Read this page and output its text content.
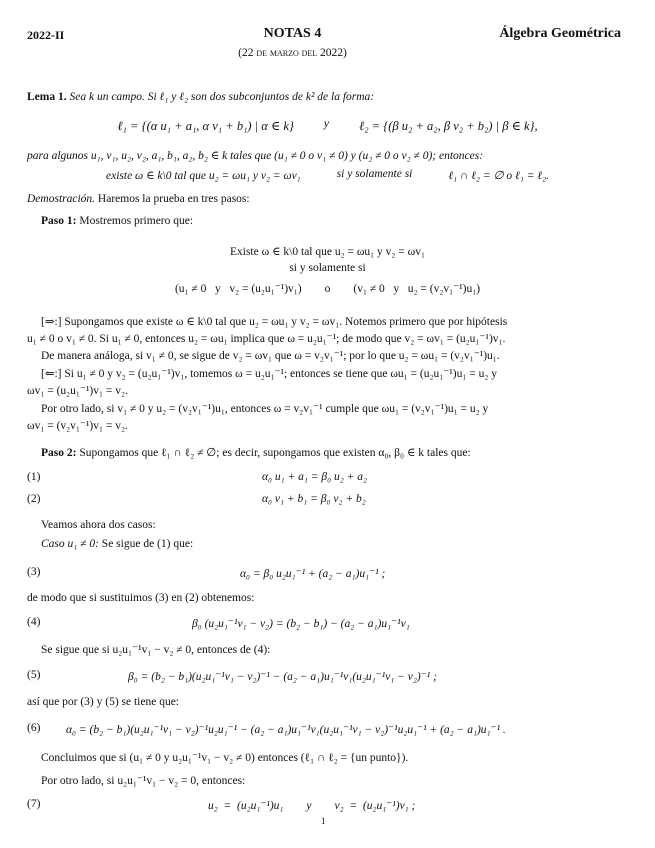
2022-II	NOTAS 4	Álgebra Geométrica
(22 de marzo del 2022)
Lema 1. Sea k un campo. Si ℓ₁ y ℓ₂ son dos subconjuntos de k² de la forma:
ℓ₁ = {(α u₁ + a₁, α v₁ + b₁) | α ∈ k}	y ℓ₂ = {(β u₂ + a₂, β v₂ + b₂) | β ∈ k},
para algunos u₁, v₁, u₂, v₂, a₁, b₁, a₂, b₂ ∈ k tales que (u₁ ≠ 0 o v₁ ≠ 0) y (u₂ ≠ 0 o v₂ ≠ 0); entonces:
existe ω ∈ k\0 tal que u₂ = ωu₁ y v₂ = ωv₁	si y solamente si	ℓ₁ ∩ ℓ₂ = ∅ o ℓ₁ = ℓ₂.
Demostración. Haremos la prueba en tres pasos:
Paso 1: Mostremos primero que:
Existe ω ∈ k\0 tal que u₂ = ωu₁ y v₂ = ωv₁
si y solamente si
(u₁ ≠ 0   y   v₂ = (u₂u₁⁻¹)v₁)        o        (v₁ ≠ 0   y   u₂ = (v₂v₁⁻¹)u₁)
[⇒:] Supongamos que existe ω ∈ k\0 tal que u₂ = ωu₁ y v₂ = ωv₁. Notemos primero que por hipótesis
u₁ ≠ 0 o v₁ ≠ 0. Si u₁ ≠ 0, entonces u₂ = ωu₁ implica que ω = u₂u₁⁻¹; de modo que v₂ = ωv₁ = (u₂u₁⁻¹)v₁.
De manera análoga, si v₁ ≠ 0, se sigue de v₂ = ωv₁ que ω = v₂v₁⁻¹; por lo que u₂ = ωu₁ = (v₂v₁⁻¹)u₁.
[⇐:] Si u₁ ≠ 0 y v₂ = (u₂u₁⁻¹)v₁, tomemos ω = u₂u₁⁻¹; entonces se tiene que ωu₁ = (u₂u₁⁻¹)u₁ = u₂ y
ωv₁ = (u₂u₁⁻¹)v₁ = v₂.
Por otro lado, si v₁ ≠ 0 y u₂ = (v₂v₁⁻¹)u₁, entonces ω = v₂v₁⁻¹ cumple que ωu₁ = (v₂v₁⁻¹)u₁ = u₂ y
ωv₁ = (v₂v₁⁻¹)v₁ = v₂.
Paso 2: Supongamos que ℓ₁ ∩ ℓ₂ ≠ ∅; es decir, supongamos que existen α₀, β₀ ∈ k tales que:
(1)	α₀ u₁ + a₁ = β₀ u₂ + a₂
(2)	α₀ v₁ + b₁ = β₀ v₂ + b₂
Veamos ahora dos casos:
Caso u₁ ≠ 0: Se sigue de (1) que:
(3)	α₀ = β₀ u₂u₁⁻¹ + (a₂ − a₁)u₁⁻¹ ;
de modo que si sustituimos (3) en (2) obtenemos:
(4)	β₀ (u₂u₁⁻¹v₁ − v₂) = (b₂ − b₁) − (a₂ − a₁)u₁⁻¹v₁
Se sigue que si u₂u₁⁻¹v₁ − v₂ ≠ 0, entonces de (4):
(5)	β₀ = (b₂ − b₁)(u₂u₁⁻¹v₁ − v₂)⁻¹ − (a₂ − a₁)u₁⁻¹v₁(u₂u₁⁻¹v₁ − v₂)⁻¹ ;
así que por (3) y (5) se tiene que:
(6) α₀ = (b₂ − b₁)(u₂u₁⁻¹v₁ − v₂)⁻¹u₂u₁⁻¹ − (a₂ − a₁)u₁⁻¹v₁(u₂u₁⁻¹v₁ − v₂)⁻¹u₂u₁⁻¹ + (a₂ − a₁)u₁⁻¹ .
Concluimos que si (u₁ ≠ 0 y u₂u₁⁻¹v₁ − v₂ ≠ 0) entonces (ℓ₁ ∩ ℓ₂ = {un punto}).
Por otro lado, si u₂u₁⁻¹v₁ − v₂ = 0, entonces:
(7)	u₂  =  (u₂u₁⁻¹)u₁        y        v₂  =  (u₂u₁⁻¹)v₁ ;
1
